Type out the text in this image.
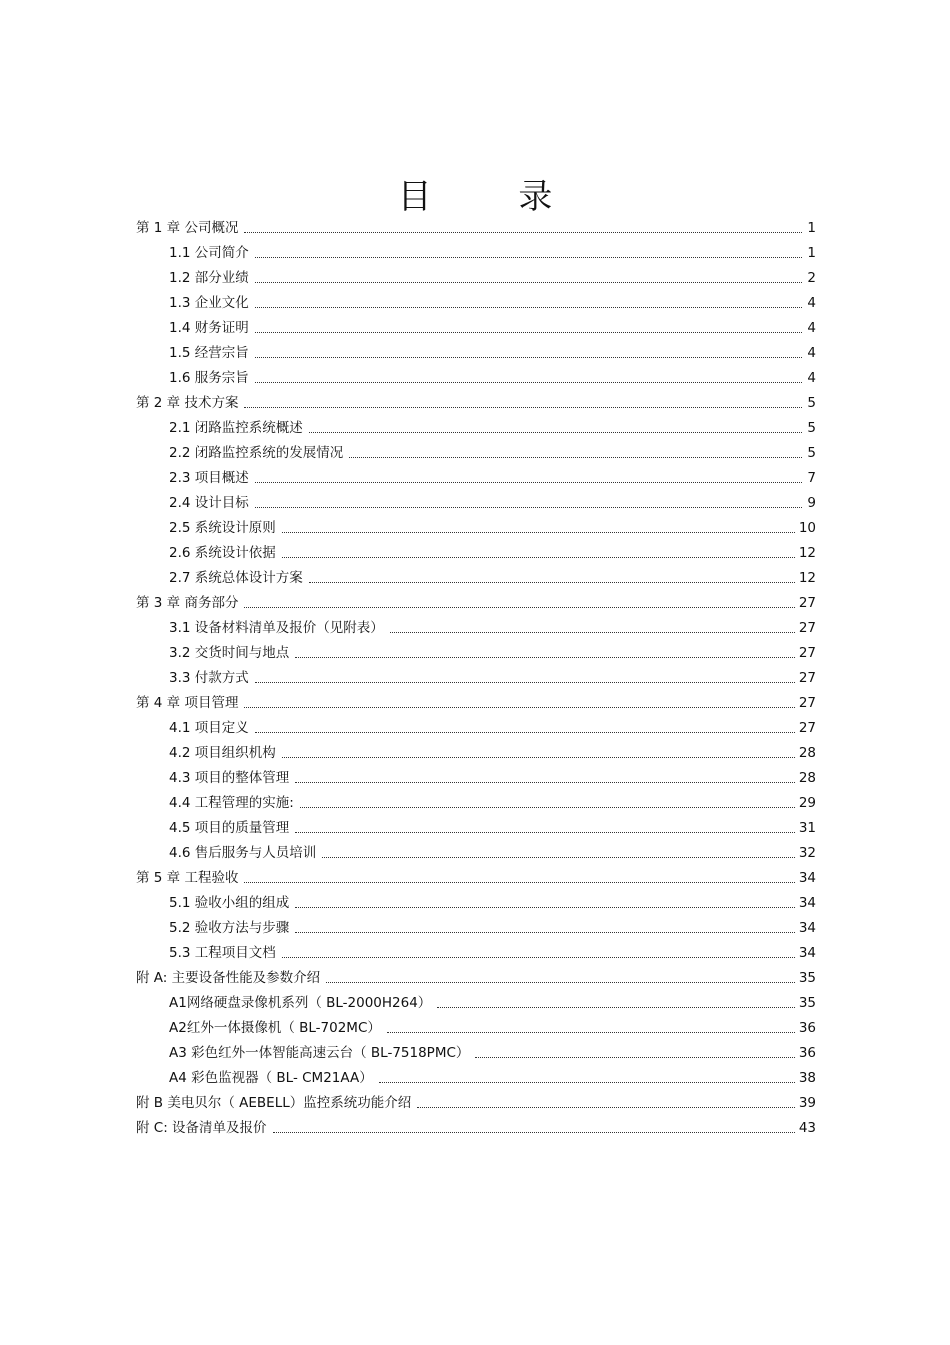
目 录
第 1 章 公司概况	1
1.1 公司简介	1
1.2 部分业绩	2
1.3 企业文化	4
1.4 财务证明	4
1.5 经营宗旨	4
1.6 服务宗旨	4
第 2 章 技术方案	5
2.1 闭路监控系统概述	5
2.2 闭路监控系统的发展情况	5
2.3 项目概述	7
2.4 设计目标	9
2.5 系统设计原则	10
2.6 系统设计依据	12
2.7 系统总体设计方案	12
第 3 章 商务部分	27
3.1 设备材料清单及报价（见附表）	27
3.2 交货时间与地点	27
3.3 付款方式	27
第 4 章 项目管理	27
4.1 项目定义	27
4.2 项目组织机构	28
4.3 项目的整体管理	28
4.4 工程管理的实施:	29
4.5 项目的质量管理	31
4.6 售后服务与人员培训	32
第 5 章 工程验收	34
5.1 验收小组的组成	34
5.2 验收方法与步骤	34
5.3 工程项目文档	34
附 A: 主要设备性能及参数介绍	35
A1网络硬盘录像机系列（ BL-2000H264）	35
A2红外一体摄像机（ BL-702MC）	36
A3 彩色红外一体智能高速云台（ BL-7518PMC）	36
A4 彩色监视器（ BL- CM21AA）	38
附 B 美电贝尔（ AEBELL）监控系统功能介绍	39
附 C: 设备清单及报价	43
